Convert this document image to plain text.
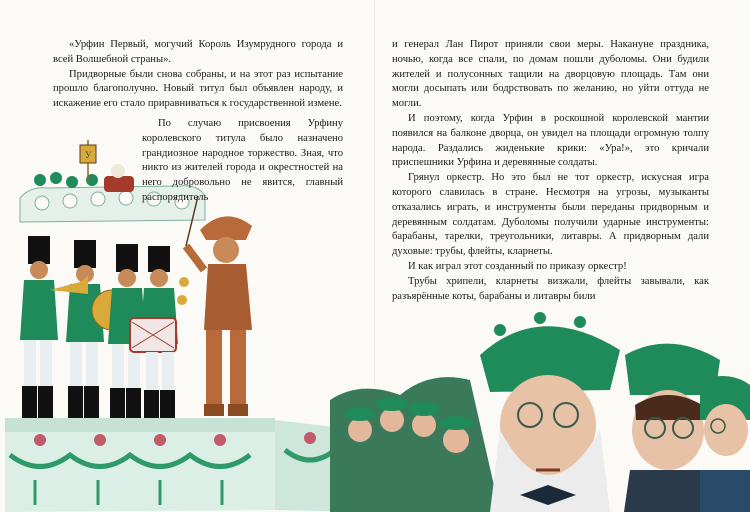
У

«Урфин Первый, могучий Король Изумрудного города и всей Волшебной страны».

Придворные были снова собраны, и на этот раз испытание прошло благополучно. Новый титул был объявлен народу, и искажение его стало приравниваться к государственной измене.

По случаю присвоения Урфину королевского титула было назначено грандиозное народное торжество. Зная, что никто из жителей города и окрестностей на него добровольно не явится, главный распорядитель

и генерал Лан Пирот приняли свои меры. Накануне праздника, ночью, когда все спали, по домам пошли дуболомы. Они будили жителей и полусонных тащили на дворцовую площадь. Там они могли досыпать или бодрствовать по желанию, но уйти оттуда не могли.

И поэтому, когда Урфин в роскошной королевской мантии появился на балконе дворца, он увидел на площади огромную толпу народа. Раздались жиденькие крики: «Ура!», это кричали приспешники Урфина и деревянные солдаты.

Грянул оркестр. Но это был не тот оркестр, искусная игра которого славилась в стране. Несмотря на угрозы, музыканты отказались играть, и инструменты были переданы придворным и деревянным солдатам. Дуболомы получили ударные инструменты: барабаны, тарелки, треугольники, литавры. А придворным дали духовые: трубы, флейты, кларнеты.

И как играл этот созданный по приказу оркестр!

Трубы хрипели, кларнеты визжали, флейты завывали, как разъярённые коты, барабаны и литавры били
